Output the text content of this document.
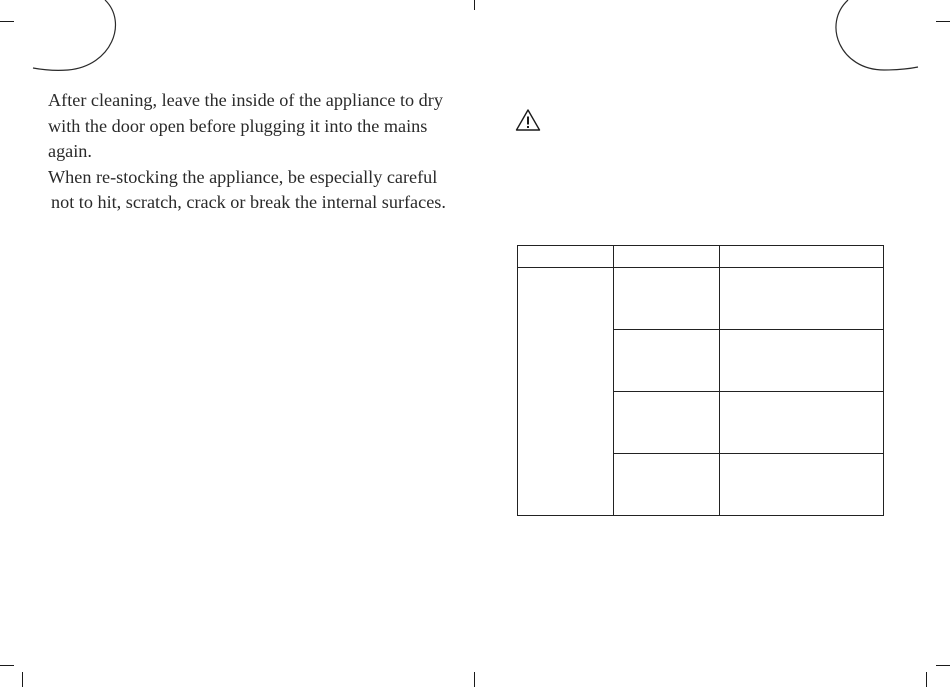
After cleaning, leave the inside of the appliance to dry

with the door open before plugging it into the mains

again.

When re-stocking the appliance, be especially careful

not to hit, scratch, crack or break the internal surfaces.
